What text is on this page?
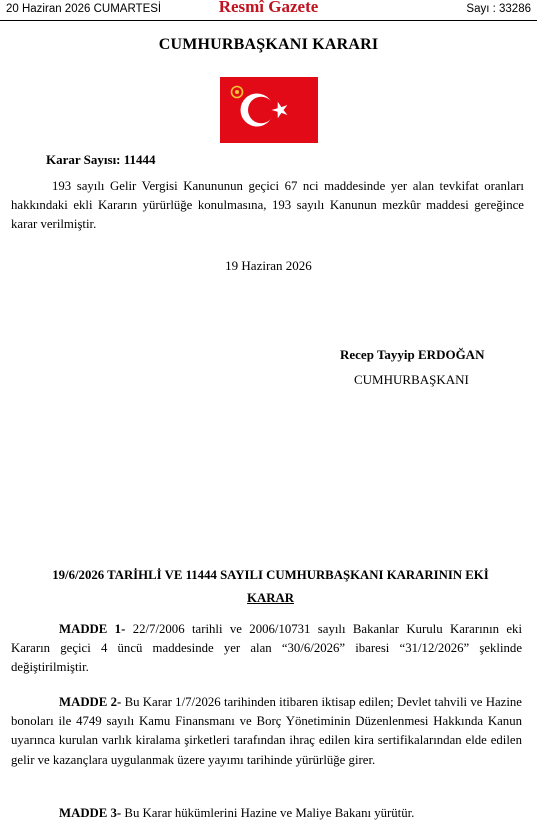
20 Haziran 2026 CUMARTESİ	Resmî Gazete	Sayı : 33286
CUMHURBAŞKANI KARARI
Karar Sayısı: 11444

193 sayılı Gelir Vergisi Kanununun geçici 67 nci maddesinde yer alan tevkifat oranları hakkındaki ekli Kararın yürürlüğe konulmasına, 193 sayılı Kanunun mezkûr maddesi gereğince karar verilmiştir.

19 Haziran 2026
Recep Tayyip ERDOĞAN
CUMHURBAŞKANI
19/6/2026 TARİHLİ VE 11444 SAYILI CUMHURBAŞKANI KARARININ EKİ
KARAR

MADDE 1- 22/7/2006 tarihli ve 2006/10731 sayılı Bakanlar Kurulu Kararının eki Kararın geçici 4 üncü maddesinde yer alan “30/6/2026” ibaresi “31/12/2026” şeklinde değiştirilmiştir.

MADDE 2- Bu Karar 1/7/2026 tarihinden itibaren iktisap edilen; Devlet tahvili ve Hazine bonoları ile 4749 sayılı Kamu Finansmanı ve Borç Yönetiminin Düzenlenmesi Hakkında Kanun uyarınca kurulan varlık kiralama şirketleri tarafından ihraç edilen kira sertifikalarından elde edilen gelir ve kazançlara uygulanmak üzere yayımı tarihinde yürürlüğe girer.

MADDE 3- Bu Karar hükümlerini Hazine ve Maliye Bakanı yürütür.
